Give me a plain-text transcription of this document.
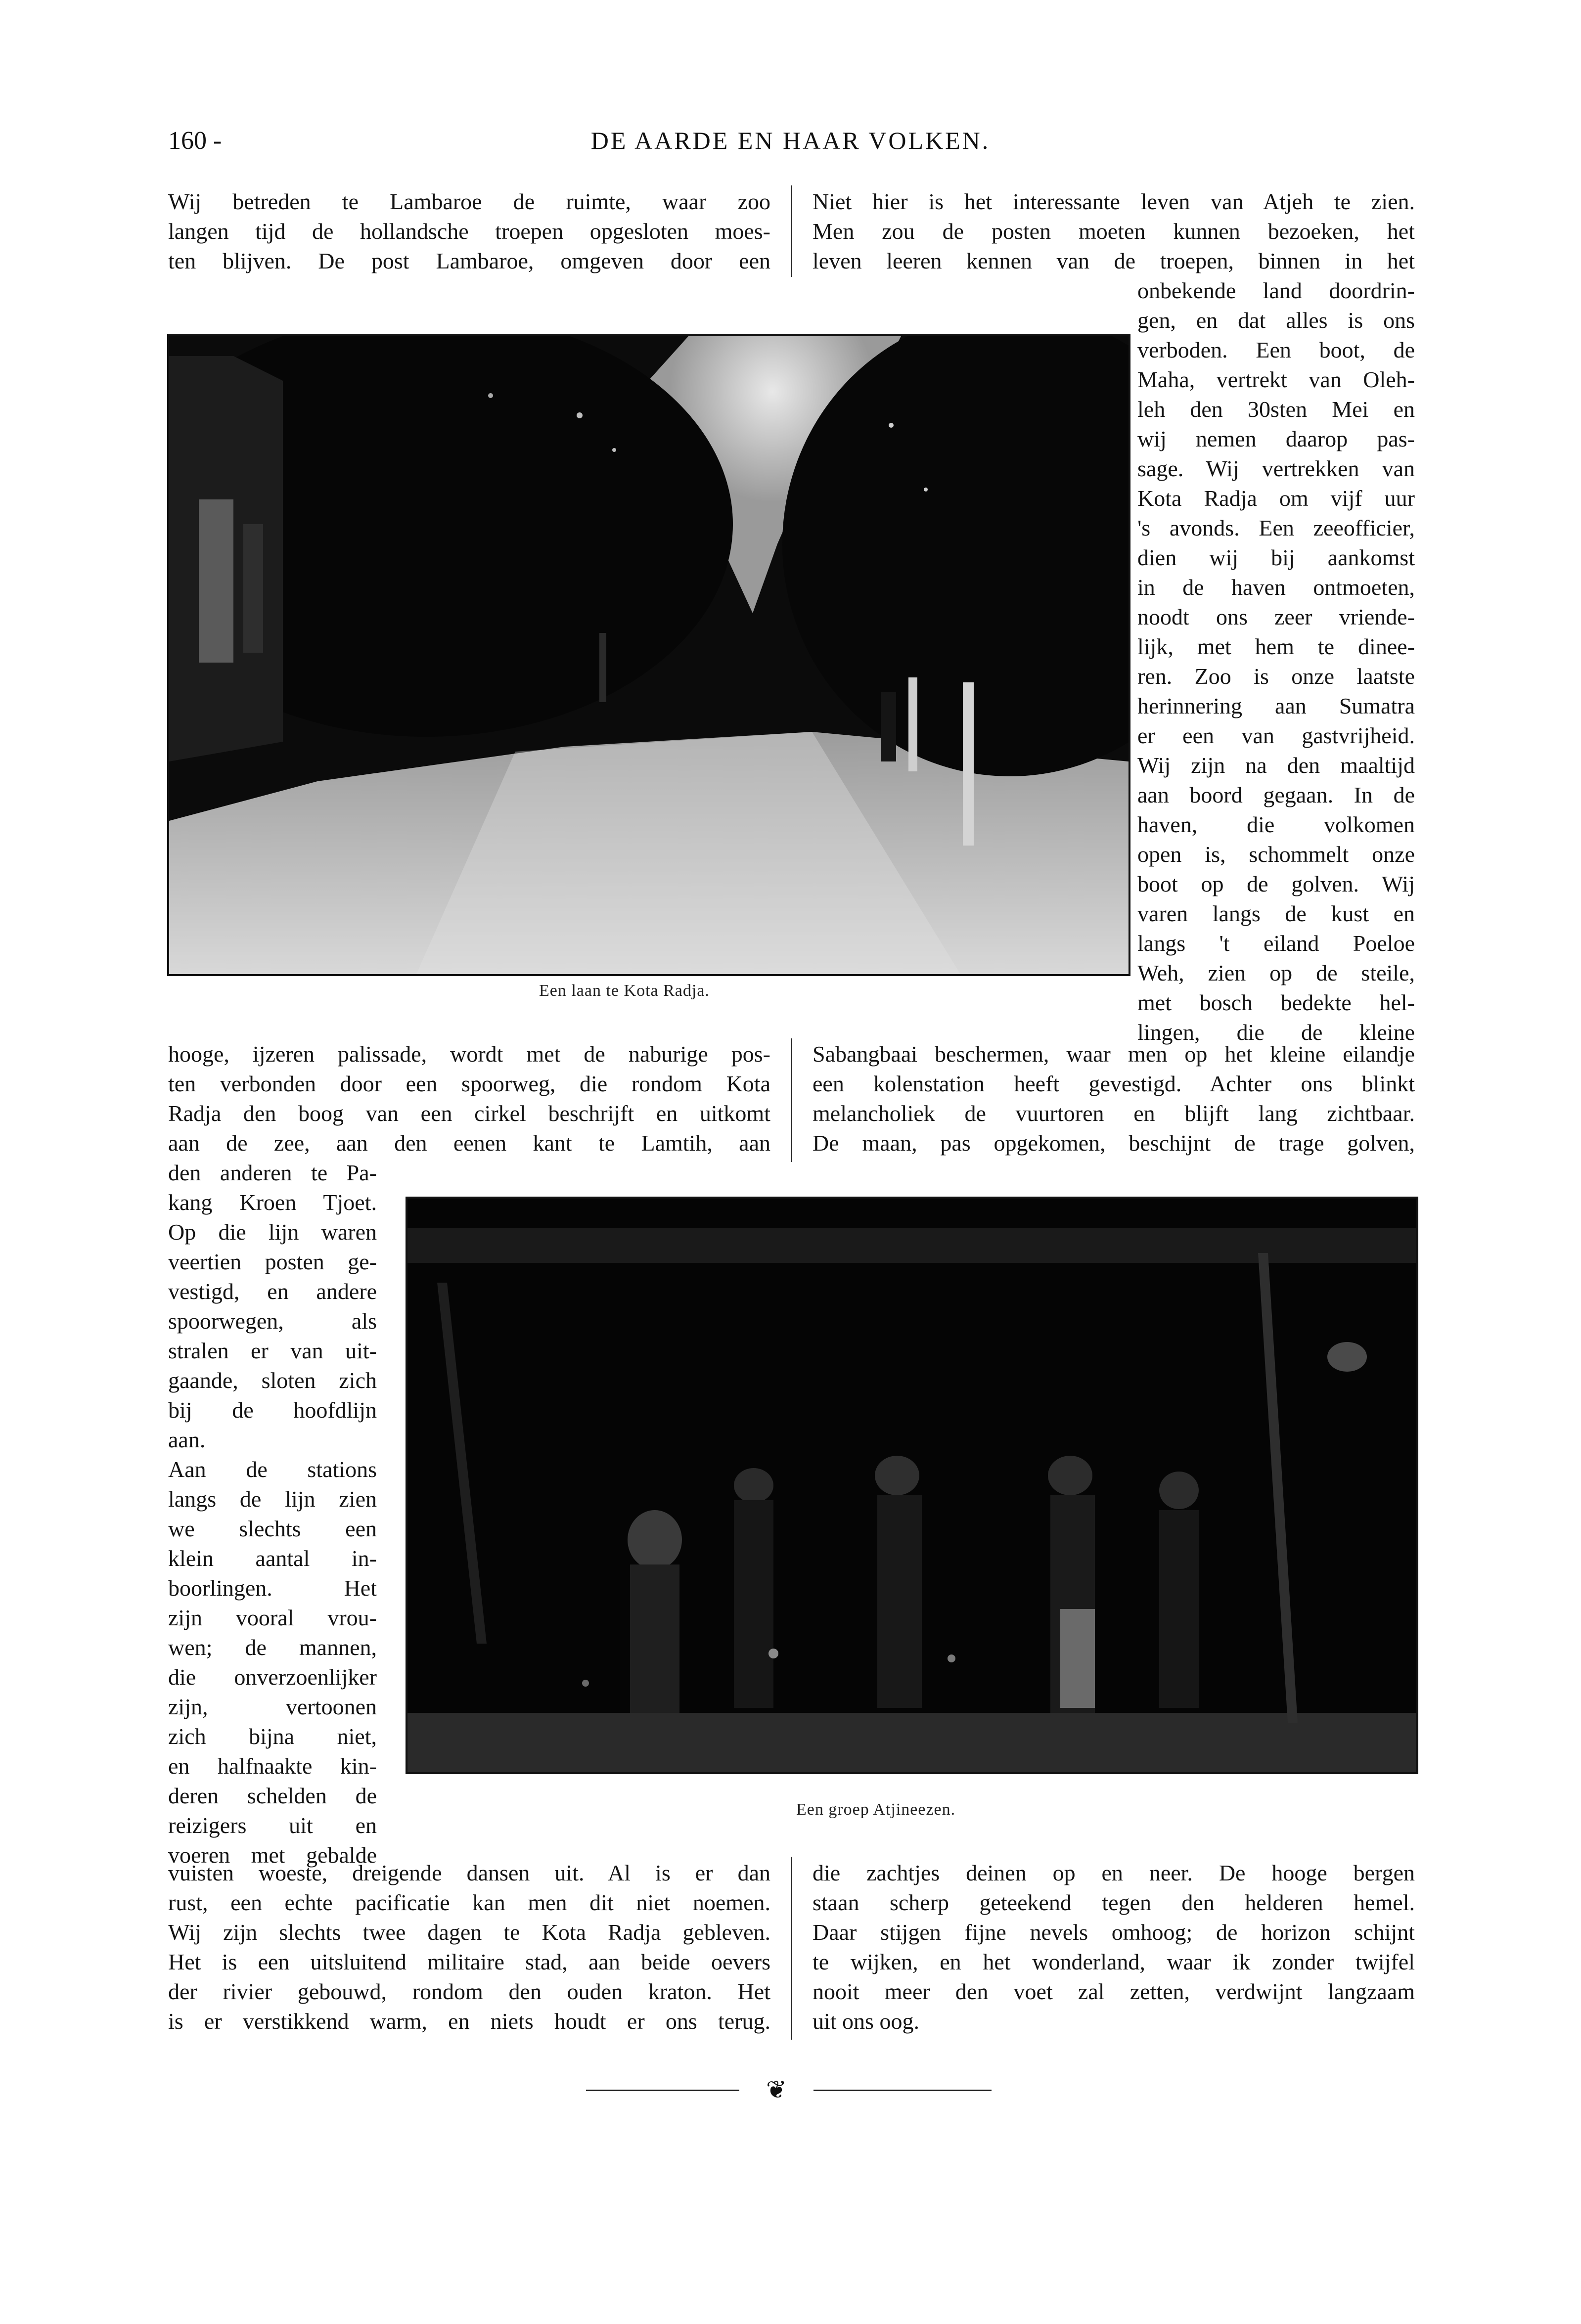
160 -	DE AARDE EN HAAR VOLKEN.
Wij betreden te Lambaroe de ruimte, waar zoo
langen tijd de hollandsche troepen opgesloten moes-
ten blijven. De post Lambaroe, omgeven door een
Niet hier is het interessante leven van Atjeh te zien.
Men zou de posten moeten kunnen bezoeken, het
leven leeren kennen van de troepen, binnen in het
onbekende land doordrin-
gen, en dat alles is ons
verboden. Een boot, de
Maha, vertrekt van Oleh-
leh den 30sten Mei en
wij nemen daarop pas-
sage. Wij vertrekken van
Kota Radja om vijf uur
's avonds. Een zeeofficier,
dien wij bij aankomst
in de haven ontmoeten,
noodt ons zeer vriende-
lijk, met hem te dinee-
ren. Zoo is onze laatste
herinnering aan Sumatra
er een van gastvrijheid.
Wij zijn na den maaltijd
aan boord gegaan. In de
haven, die volkomen
open is, schommelt onze
boot op de golven. Wij
varen langs de kust en
langs 't eiland Poeloe
Weh, zien op de steile,
met bosch bedekte hel-
lingen, die de kleine
hooge, ijzeren palissade, wordt met de naburige pos-
ten verbonden door een spoorweg, die rondom Kota
Radja den boog van een cirkel beschrijft en uitkomt
aan de zee, aan den eenen kant te Lamtih, aan
Sabangbaai beschermen, waar men op het kleine eilandje
een kolenstation heeft gevestigd. Achter ons blinkt
melancholiek de vuurtoren en blijft lang zichtbaar.
De maan, pas opgekomen, beschijnt de trage golven,
den anderen te Pa-
kang Kroen Tjoet.
Op die lijn waren
veertien posten ge-
vestigd, en andere
spoorwegen, als
stralen er van uit-
gaande, sloten zich
bij de hoofdlijn
aan.
Aan de stations
langs de lijn zien
we slechts een
klein aantal in-
boorlingen. Het
zijn vooral vrou-
wen; de mannen,
die onverzoenlijker
zijn, vertoonen
zich bijna niet,
en halfnaakte kin-
deren schelden de
reizigers uit en
voeren met gebalde
vuisten woeste, dreigende dansen uit. Al is er dan
rust, een echte pacificatie kan men dit niet noemen.
Wij zijn slechts twee dagen te Kota Radja gebleven.
Het is een uitsluitend militaire stad, aan beide oevers
der rivier gebouwd, rondom den ouden kraton. Het
is er verstikkend warm, en niets houdt er ons terug.
die zachtjes deinen op en neer. De hooge bergen
staan scherp geteekend tegen den helderen hemel.
Daar stijgen fijne nevels omhoog; de horizon schijnt
te wijken, en het wonderland, waar ik zonder twijfel
nooit meer den voet zal zetten, verdwijnt langzaam
uit ons oog.
Een laan te Kota Radja.
Een groep Atjineezen.
❦
